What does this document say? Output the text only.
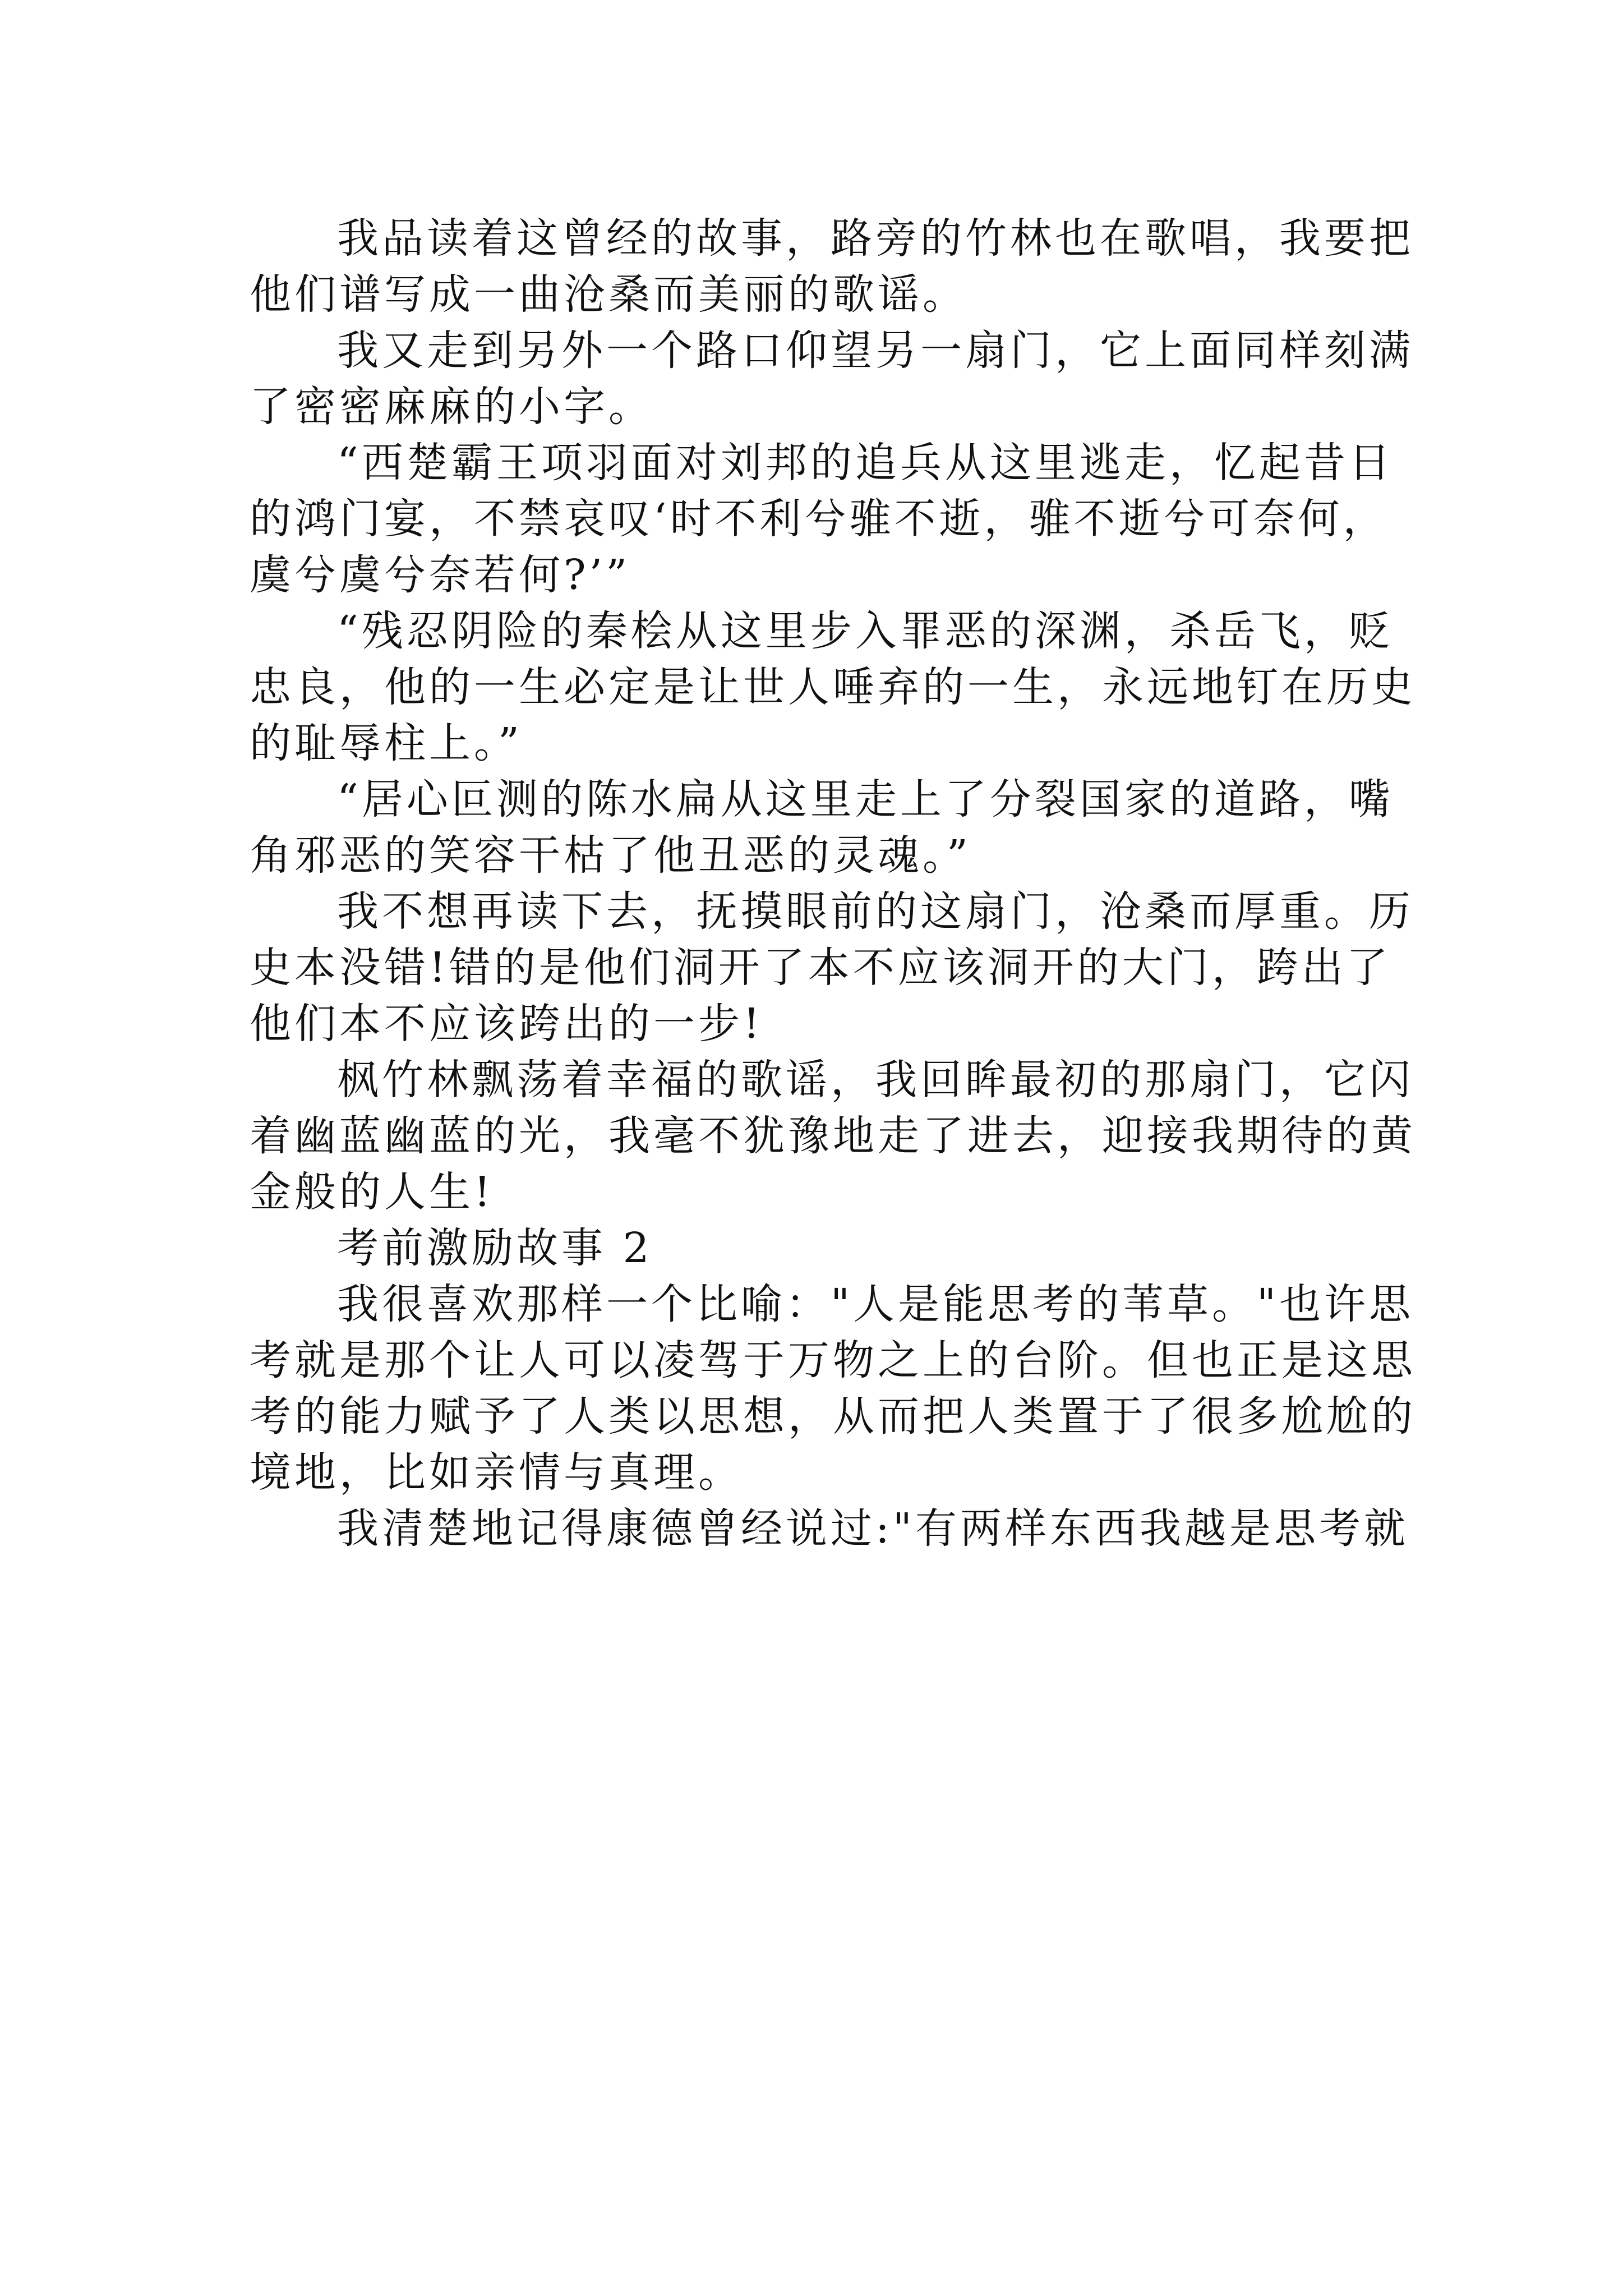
我品读着这曾经的故事，路旁的竹林也在歌唱，我要把
他们谱写成一曲沧桑而美丽的歌谣。
我又走到另外一个路口仰望另一扇门，它上面同样刻满
了密密麻麻的小字。
“西楚霸王项羽面对刘邦的追兵从这里逃走，忆起昔日
的鸿门宴，不禁哀叹‘时不利兮骓不逝，骓不逝兮可奈何，
虞兮虞兮奈若何?’”
“残忍阴险的秦桧从这里步入罪恶的深渊，杀岳飞，贬
忠良，他的一生必定是让世人唾弃的一生，永远地钉在历史
的耻辱柱上。”
“居心叵测的陈水扁从这里走上了分裂国家的道路，嘴
角邪恶的笑容干枯了他丑恶的灵魂。”
我不想再读下去，抚摸眼前的这扇门，沧桑而厚重。历
史本没错!错的是他们洞开了本不应该洞开的大门，跨出了
他们本不应该跨出的一步!
枫竹林飘荡着幸福的歌谣，我回眸最初的那扇门，它闪
着幽蓝幽蓝的光，我毫不犹豫地走了进去，迎接我期待的黄
金般的人生!
考前激励故事 2
我很喜欢那样一个比喻："人是能思考的苇草。"也许思
考就是那个让人可以凌驾于万物之上的台阶。但也正是这思
考的能力赋予了人类以思想，从而把人类置于了很多尬尬的
境地，比如亲情与真理。
我清楚地记得康德曾经说过:"有两样东西我越是思考就
